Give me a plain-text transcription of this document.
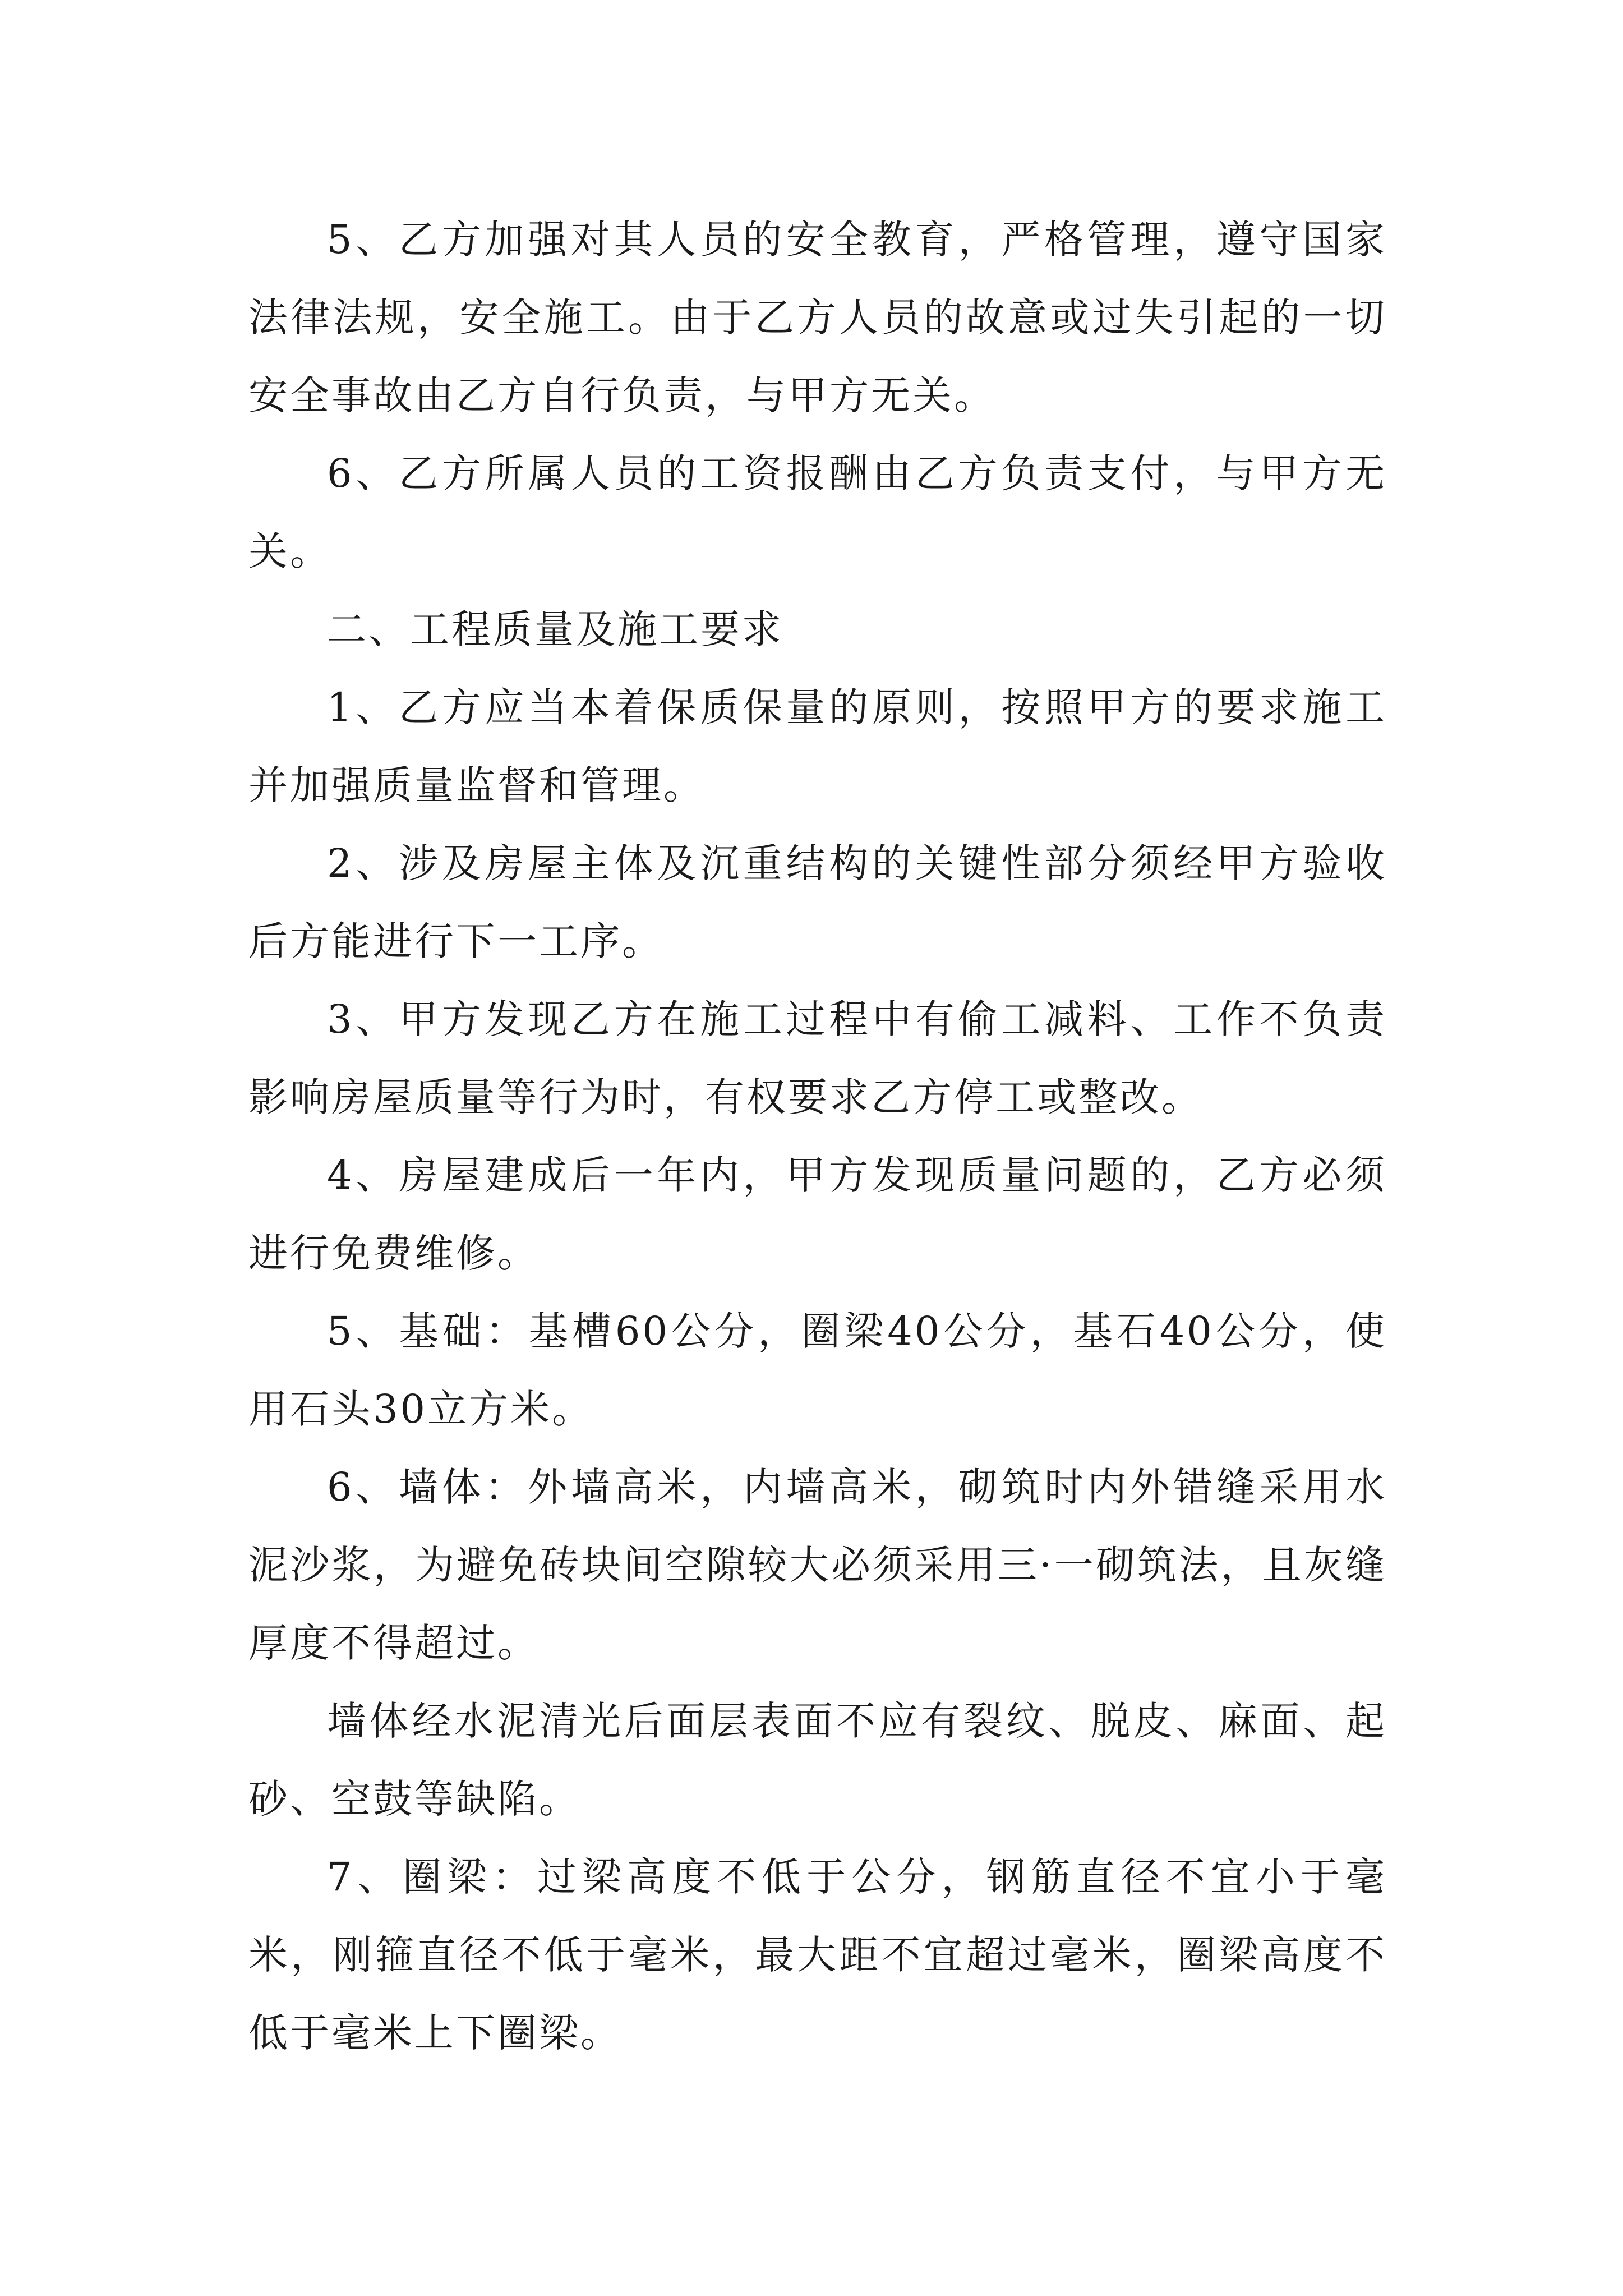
5、乙方加强对其人员的安全教育，严格管理，遵守国家法律法规，安全施工。由于乙方人员的故意或过失引起的一切安全事故由乙方自行负责，与甲方无关。

6、乙方所属人员的工资报酬由乙方负责支付，与甲方无关。

二、工程质量及施工要求

1、乙方应当本着保质保量的原则，按照甲方的要求施工并加强质量监督和管理。

2、涉及房屋主体及沉重结构的关键性部分须经甲方验收后方能进行下一工序。

3、甲方发现乙方在施工过程中有偷工减料、工作不负责影响房屋质量等行为时，有权要求乙方停工或整改。

4、房屋建成后一年内，甲方发现质量问题的，乙方必须进行免费维修。

5、基础：基槽60公分，圈梁40公分，基石40公分，使用石头30立方米。

6、墙体：外墙高米，内墙高米，砌筑时内外错缝采用水泥沙浆，为避免砖块间空隙较大必须采用三·一砌筑法，且灰缝厚度不得超过。

墙体经水泥清光后面层表面不应有裂纹、脱皮、麻面、起砂、空鼓等缺陷。

7、圈梁：过梁高度不低于公分，钢筋直径不宜小于毫米，刚箍直径不低于毫米，最大距不宜超过毫米，圈梁高度不低于毫米上下圈梁。
